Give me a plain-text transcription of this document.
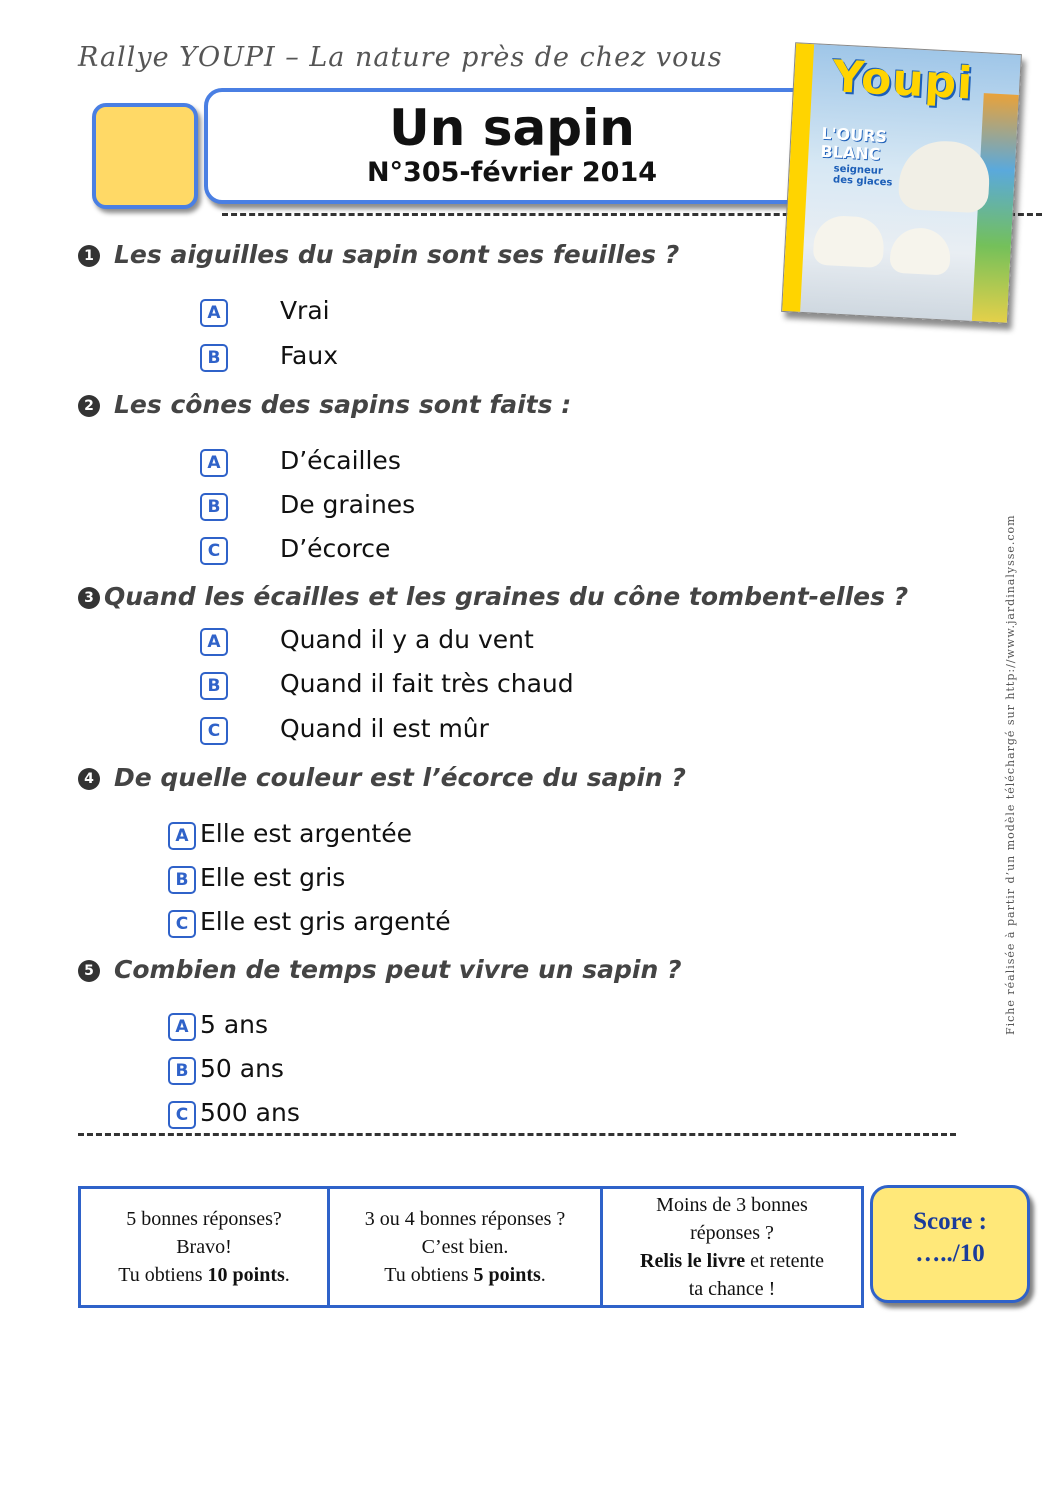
Rallye YOUPI – La nature près de chez vous
Un sapin
N°305-février 2014
Youpi
L'OURS
BLANC
seigneur
des glaces
1 Les aiguilles du sapin sont ses feuilles ?
A Vrai
B Faux
2 Les cônes des sapins sont faits :
A D’écailles
B De graines
C D’écorce
3 Quand les écailles et les graines du cône tombent-elles ?
A Quand il y a du vent
B Quand il fait très chaud
C Quand il est mûr
4 De quelle couleur est l’écorce du sapin ?
A Elle est argentée
B Elle est gris
C Elle est gris argenté
5 Combien de temps peut vivre un sapin ?
A 5 ans
B 50 ans
C 500 ans
Fiche réalisée à partir d’un modèle téléchargé sur http://www.jardinalysse.com
5 bonnes réponses?
Bravo!
Tu obtiens 10 points.
3 ou 4 bonnes réponses ?
C’est bien.
Tu obtiens 5 points.
Moins de 3 bonnes
réponses ?
Relis le livre et retente
ta chance !
Score :
…../10
